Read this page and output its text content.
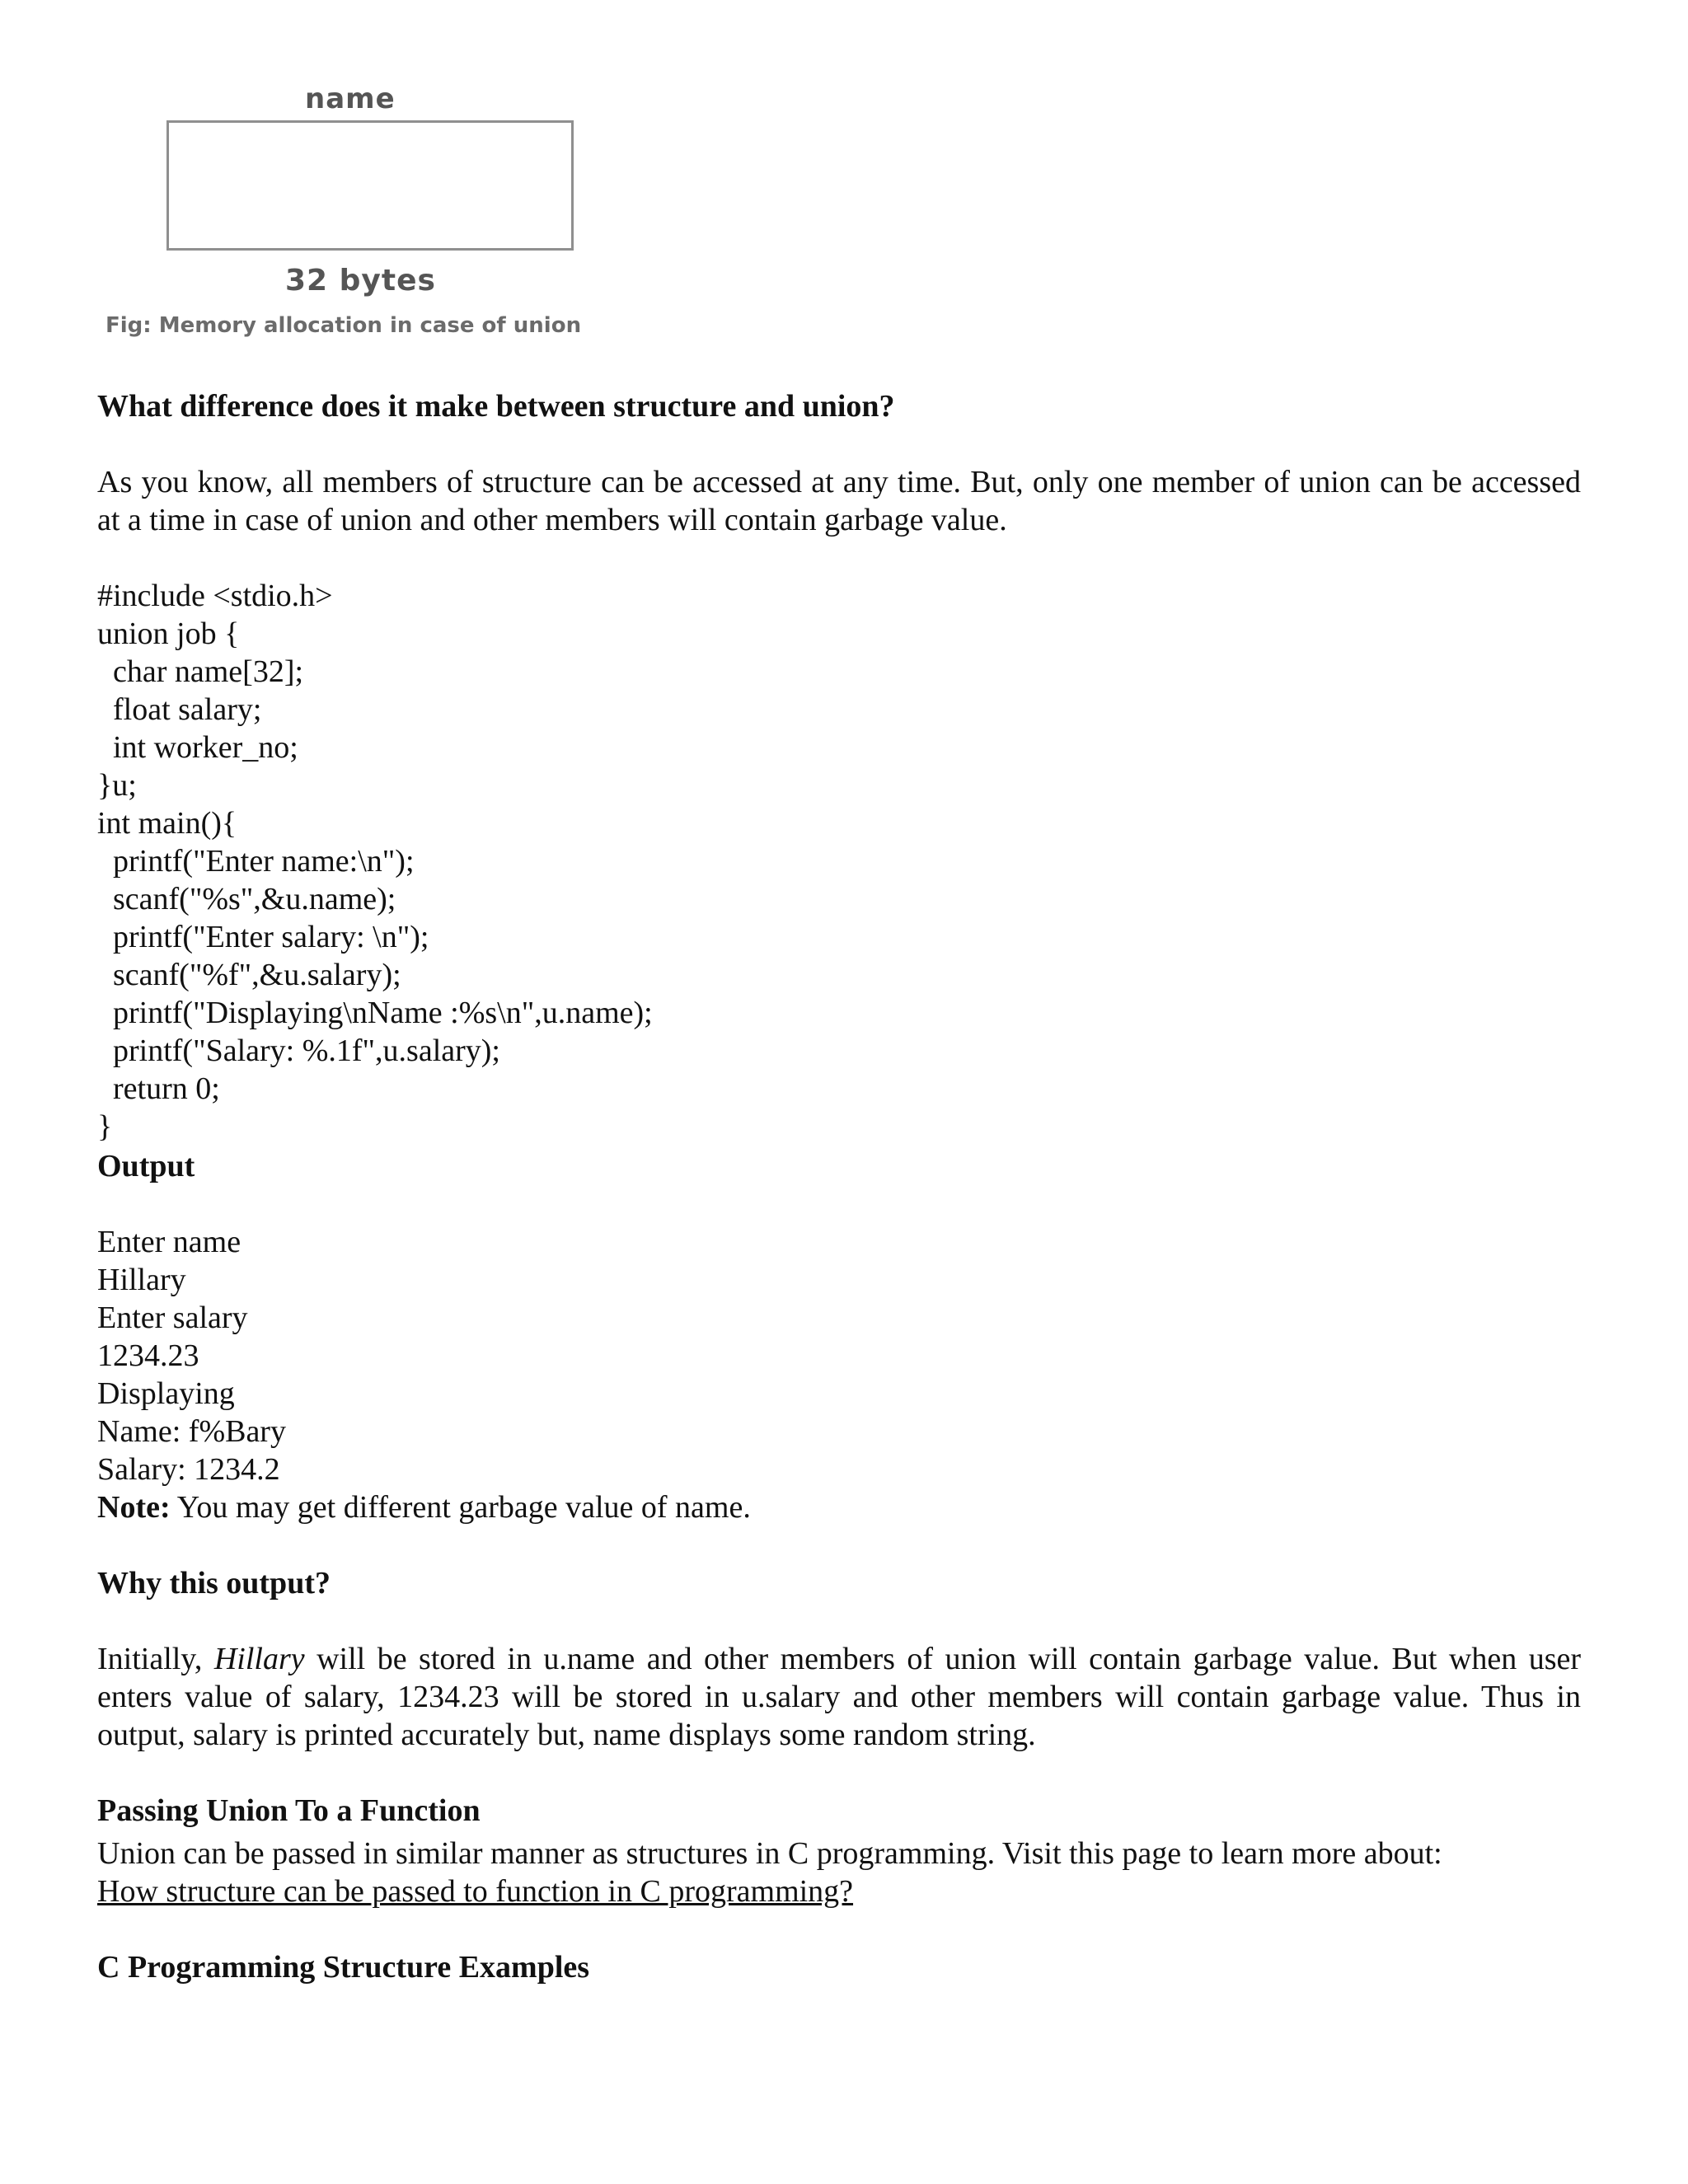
name
32 bytes
Fig: Memory allocation in case of union
What difference does it make between structure and union?

As you know, all members of structure can be accessed at any time. But, only one member of union can be accessed at a time in case of union and other members will contain garbage value.

#include <stdio.h>
union job {
char name[32];
float salary;
int worker_no;
}u;
int main(){
printf("Enter name:\n");
scanf("%s",&u.name);
printf("Enter salary: \n");
scanf("%f",&u.salary);
printf("Displaying\nName :%s\n",u.name);
printf("Salary: %.1f",u.salary);
return 0;
}
Output
Enter name
Hillary
Enter salary
1234.23
Displaying
Name: f%Bary
Salary: 1234.2
Note: You may get different garbage value of name.
Why this output?

Initially, Hillary will be stored in u.name and other members of union will contain garbage value. But when user enters value of salary, 1234.23 will be stored in u.salary and other members will contain garbage value. Thus in output, salary is printed accurately but, name displays some random string.

Passing Union To a Function

Union can be passed in similar manner as structures in C programming. Visit this page to learn more about:

How structure can be passed to function in C programming?
C Programming Structure Examples
